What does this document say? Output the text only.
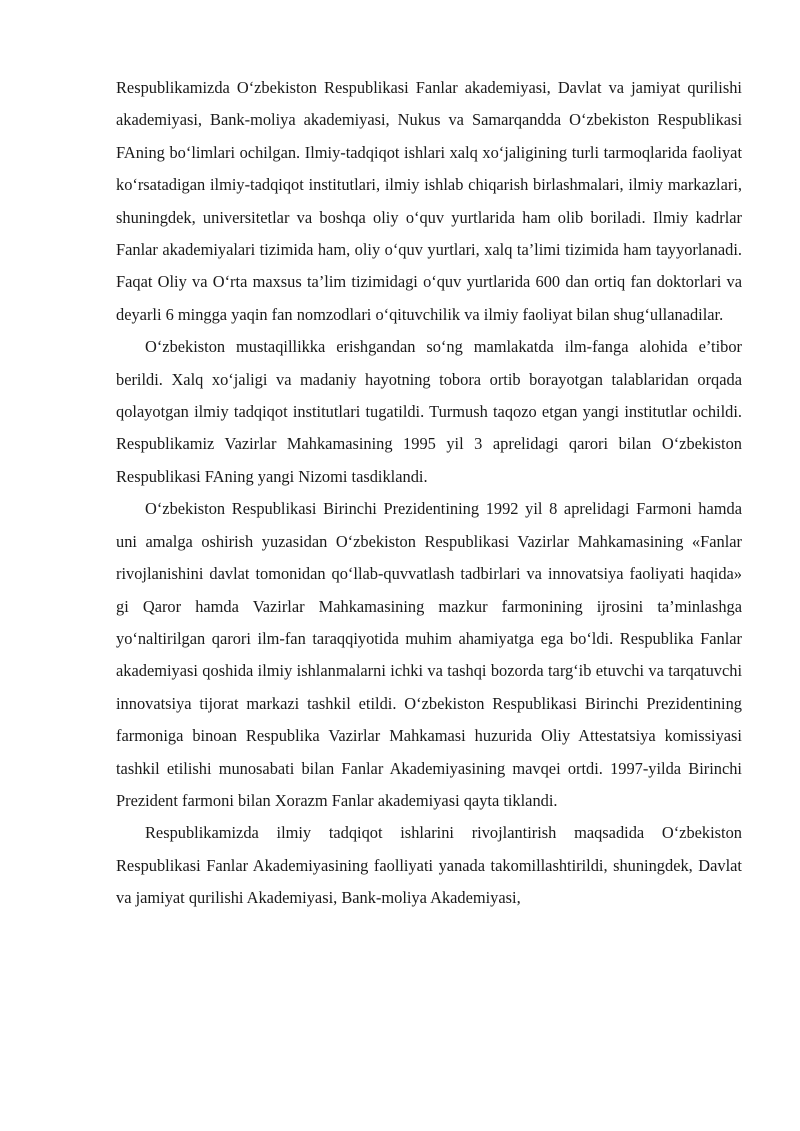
Respublikamizda O‘zbekiston Respublikasi Fanlar akademiyasi, Davlat va jamiyat qurilishi akademiyasi, Bank-moliya akademiyasi, Nukus va Samarqandda O‘zbekiston Respublikasi FAning bo‘limlari ochilgan. Ilmiy-tadqiqot ishlari xalq xo‘jaligining turli tarmoqlarida faoliyat ko‘rsatadigan ilmiy-tadqiqot institutlari, ilmiy ishlab chiqarish birlashmalari, ilmiy markazlari, shuningdek, universitetlar va boshqa oliy o‘quv yurtlarida ham olib boriladi. Ilmiy kadrlar Fanlar akademiyalari tizimida ham, oliy o‘quv yurtlari, xalq ta’limi tizimida ham tayyorlanadi. Faqat Oliy va O‘rta maxsus ta’lim tizimidagi o‘quv yurtlarida 600 dan ortiq fan doktorlari va deyarli 6 mingga yaqin fan nomzodlari o‘qituvchilik va ilmiy faoliyat bilan shug‘ullanadilar.

O‘zbekiston mustaqillikka erishgandan so‘ng mamlakatda ilm-fanga alohida e’tibor berildi. Xalq xo‘jaligi va madaniy hayotning tobora ortib borayotgan talablaridan orqada qolayotgan ilmiy tadqiqot institutlari tugatildi. Turmush taqozo etgan yangi institutlar ochildi. Respublikamiz Vazirlar Mahkamasining 1995 yil 3 aprelidagi qarori bilan O‘zbekiston Respublikasi FAning yangi Nizomi tasdiklandi.

O‘zbekiston Respublikasi Birinchi Prezidentining 1992 yil 8 aprelidagi Farmoni hamda uni amalga oshirish yuzasidan O‘zbekiston Respublikasi Vazirlar Mahkamasining «Fanlar rivojlanishini davlat tomonidan qo‘llab-quvvatlash tadbirlari va innovatsiya faoliyati haqida» gi Qaror hamda Vazirlar Mahkamasining mazkur farmonining ijrosini ta’minlashga yo‘naltirilgan qarori ilm-fan taraqqiyotida muhim ahamiyatga ega bo‘ldi. Respublika Fanlar akademiyasi qoshida ilmiy ishlanmalarni ichki va tashqi bozorda targ‘ib etuvchi va tarqatuvchi innovatsiya tijorat markazi tashkil etildi. O‘zbekiston Respublikasi Birinchi Prezidentining farmoniga binoan Respublika Vazirlar Mahkamasi huzurida Oliy Attestatsiya komissiyasi tashkil etilishi munosabati bilan Fanlar Akademiyasining mavqei ortdi. 1997-yilda Birinchi Prezident farmoni bilan Xorazm Fanlar akademiyasi qayta tiklandi.

Respublikamizda ilmiy tadqiqot ishlarini rivojlantirish maqsadida O‘zbekiston Respublikasi Fanlar Akademiyasining faolliyati yanada takomillashtirildi, shuningdek, Davlat va jamiyat qurilishi Akademiyasi, Bank-moliya Akademiyasi,
